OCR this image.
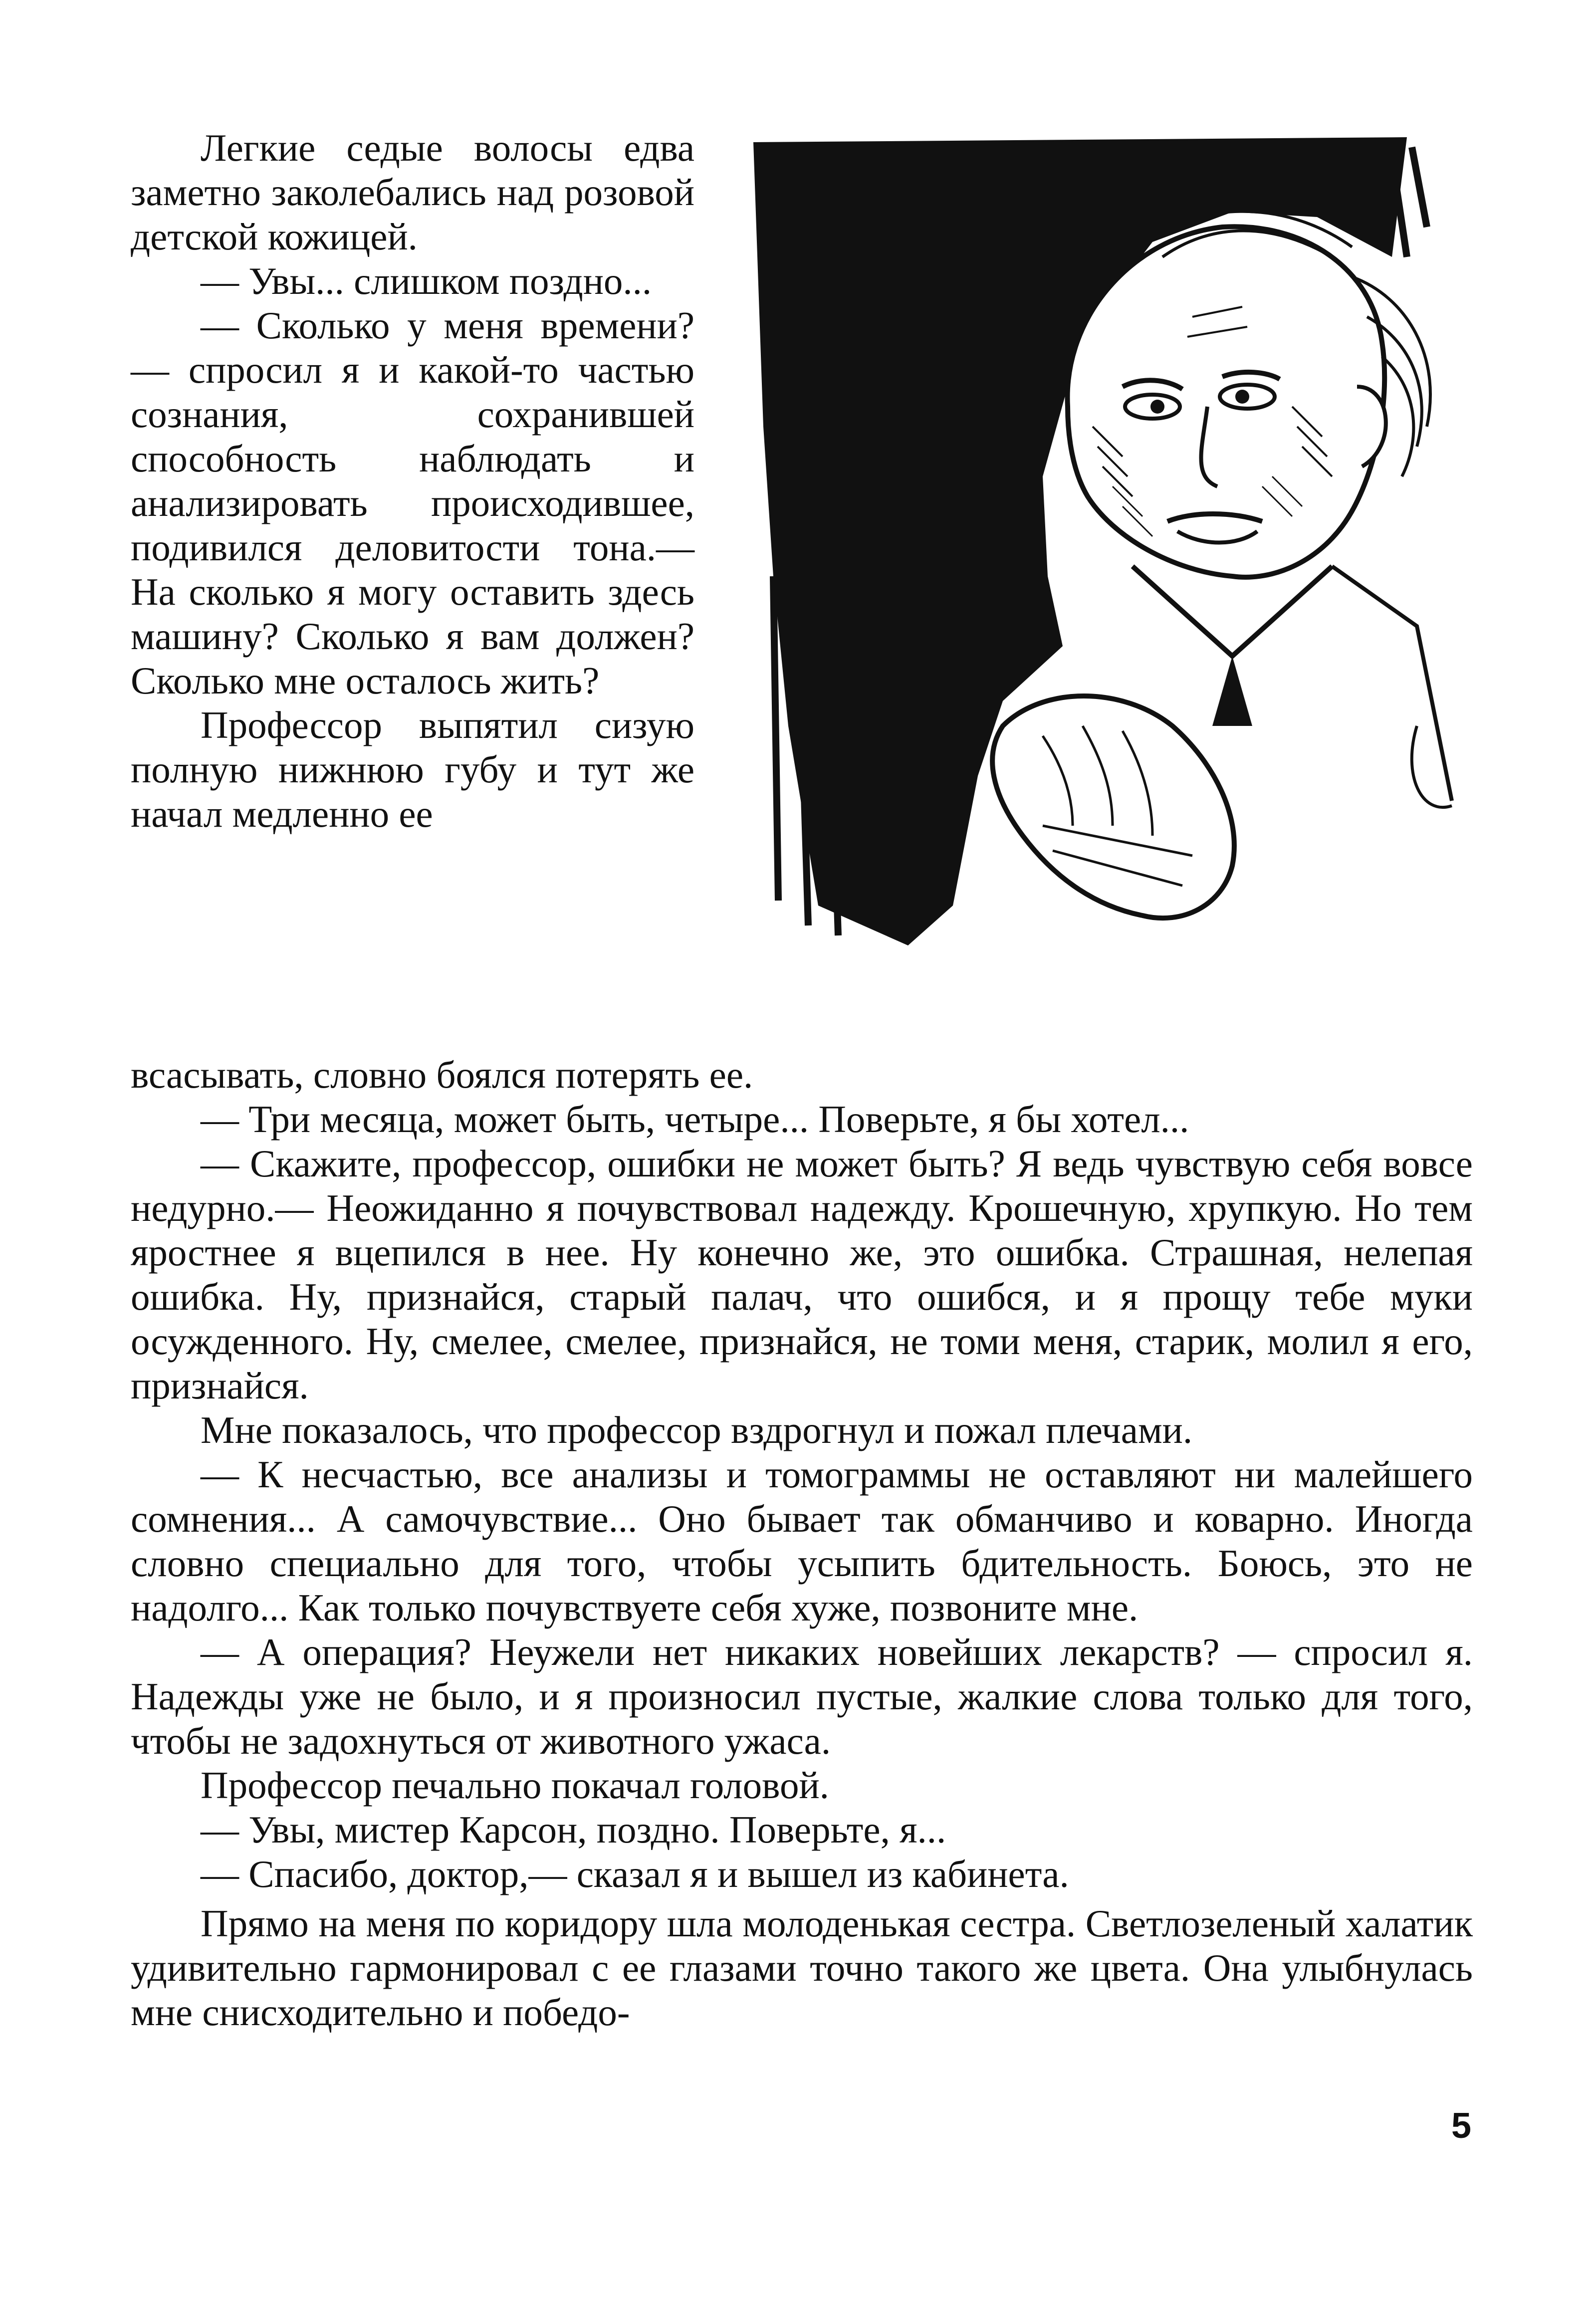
Легкие седые волосы едва заметно заколебались над розовой детской кожицей.

— Увы... слишком поздно...

— Сколько у меня времени? — спросил я и какой-то частью сознания, сохранившей способность наблюдать и анализировать происходившее, подивился деловитости тона.— На сколько я могу оставить здесь машину? Сколько я вам должен? Сколько мне осталось жить?

Профессор выпятил сизую полную нижнюю губу и тут же начал медленно ее

всасывать, словно боялся потерять ее.

— Три месяца, может быть, четыре... Поверьте, я бы хотел...

— Скажите, профессор, ошибки не может быть? Я ведь чувствую себя вовсе недурно.— Неожиданно я почувствовал надежду. Крошечную, хрупкую. Но тем яростнее я вцепился в нее. Ну конечно же, это ошибка. Страшная, нелепая ошибка. Ну, признайся, старый палач, что ошибся, и я прощу тебе муки осужденного. Ну, смелее, смелее, признайся, не томи меня, старик, молил я его, признайся.

Мне показалось, что профессор вздрогнул и пожал плечами.

— К несчастью, все анализы и томограммы не оставляют ни малейшего сомнения... А самочувствие... Оно бывает так обманчиво и коварно. Иногда словно специально для того, чтобы усыпить бдительность. Боюсь, это не надолго... Как только почувствуете себя хуже, позвоните мне.

— А операция? Неужели нет никаких новейших лекарств? — спросил я. Надежды уже не было, и я произносил пустые, жалкие слова только для того, чтобы не задохнуться от животного ужаса.

Профессор печально покачал головой.

— Увы, мистер Карсон, поздно. Поверьте, я...

— Спасибо, доктор,— сказал я и вышел из кабинета.

Прямо на меня по коридору шла молоденькая сестра. Светлозеленый халатик удивительно гармонировал с ее глазами точно такого же цвета. Она улыбнулась мне снисходительно и победо-

5
